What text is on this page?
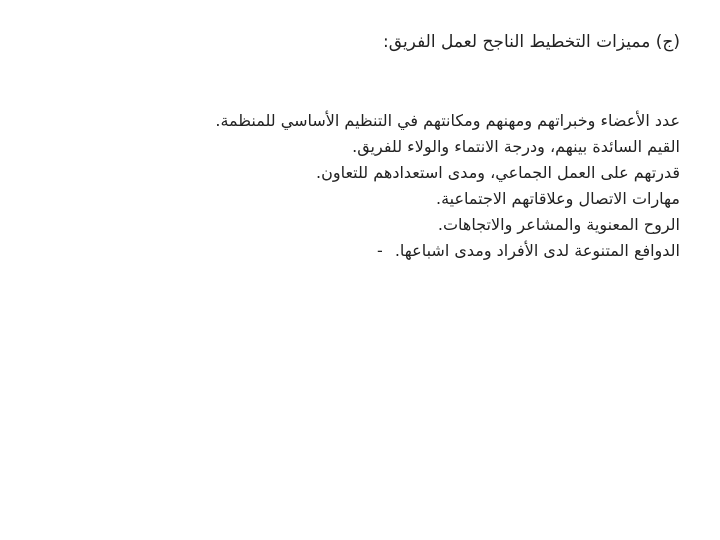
(ج) مميزات التخطيط الناجح لعمل الفريق:
عدد الأعضاء وخبراتهم ومهنهم ومكانتهم في التنظيم الأساسي للمنظمة.
القيم السائدة بينهم، ودرجة الانتماء والولاء للفريق.
قدرتهم على العمل الجماعي، ومدى استعدادهم للتعاون.
مهارات الاتصال وعلاقاتهم الاجتماعية.
الروح المعنوية والمشاعر والاتجاهات.
الدوافع المتنوعة لدى الأفراد ومدى اشباعها.
-
